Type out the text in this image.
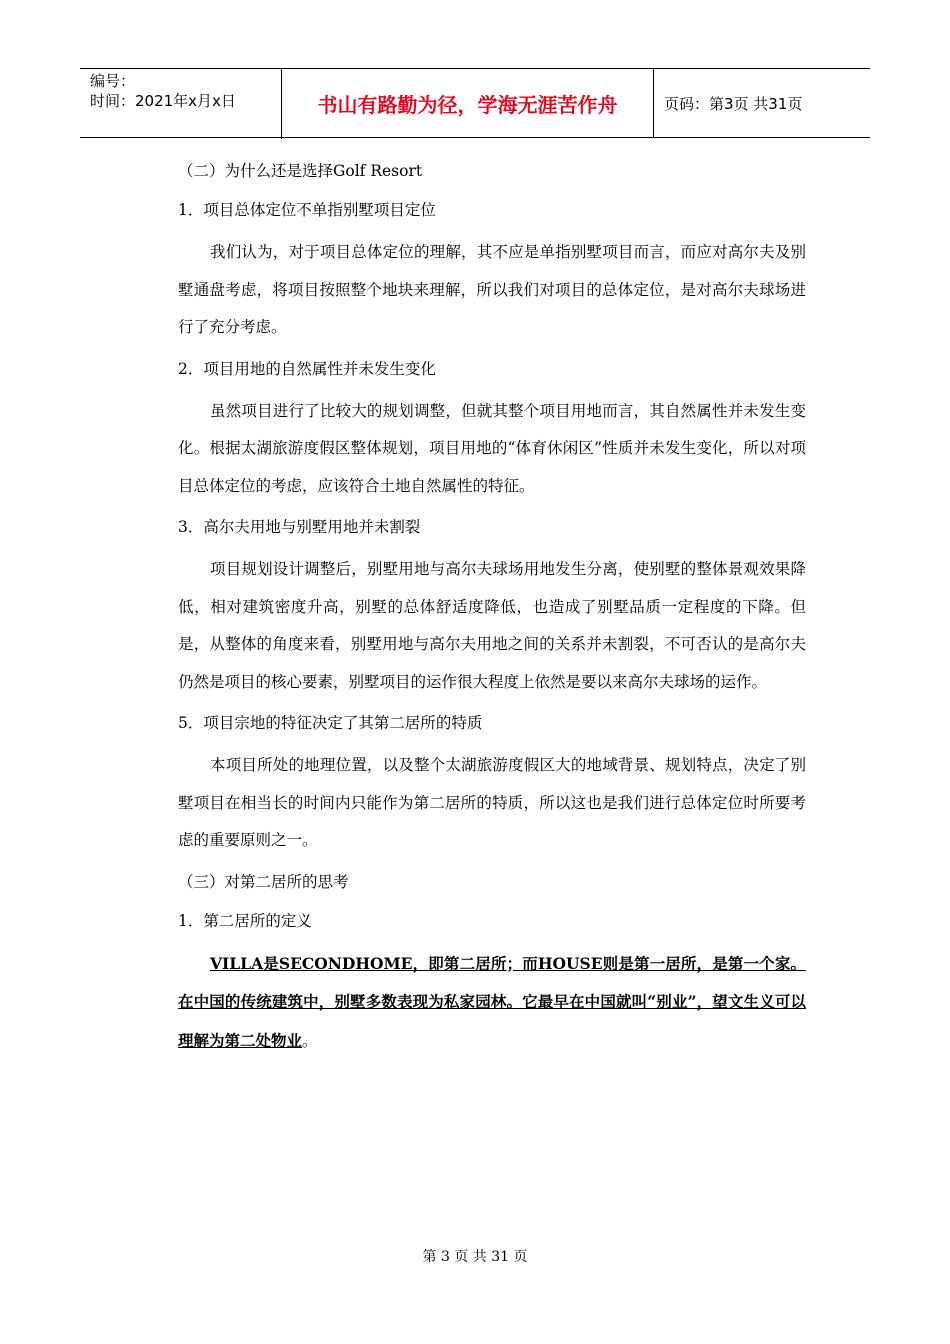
编号：
时间：2021年x月x日	书山有路勤为径，学海无涯苦作舟	页码：第3页 共31页
（二）为什么还是选择Golf Resort
1．项目总体定位不单指别墅项目定位
我们认为，对于项目总体定位的理解，其不应是单指别墅项目而言，而应对高尔夫及别墅通盘考虑，将项目按照整个地块来理解，所以我们对项目的总体定位，是对高尔夫球场进行了充分考虑。
2．项目用地的自然属性并未发生变化
虽然项目进行了比较大的规划调整，但就其整个项目用地而言，其自然属性并未发生变化。根据太湖旅游度假区整体规划，项目用地的“体育休闲区”性质并未发生变化，所以对项目总体定位的考虑，应该符合土地自然属性的特征。
3．高尔夫用地与别墅用地并未割裂
项目规划设计调整后，别墅用地与高尔夫球场用地发生分离，使别墅的整体景观效果降低，相对建筑密度升高，别墅的总体舒适度降低，也造成了别墅品质一定程度的下降。但是，从整体的角度来看，别墅用地与高尔夫用地之间的关系并未割裂，不可否认的是高尔夫仍然是项目的核心要素，别墅项目的运作很大程度上依然是要以来高尔夫球场的运作。
5．项目宗地的特征决定了其第二居所的特质
本项目所处的地理位置，以及整个太湖旅游度假区大的地域背景、规划特点，决定了别墅项目在相当长的时间内只能作为第二居所的特质，所以这也是我们进行总体定位时所要考虑的重要原则之一。
（三）对第二居所的思考
1．第二居所的定义
VILLA是SECONDHOME，即第二居所；而HOUSE则是第一居所，是第一个家。在中国的传统建筑中，别墅多数表现为私家园林。它最早在中国就叫“别业”，望文生义可以理解为第二处物业。
第 3 页 共 31 页
